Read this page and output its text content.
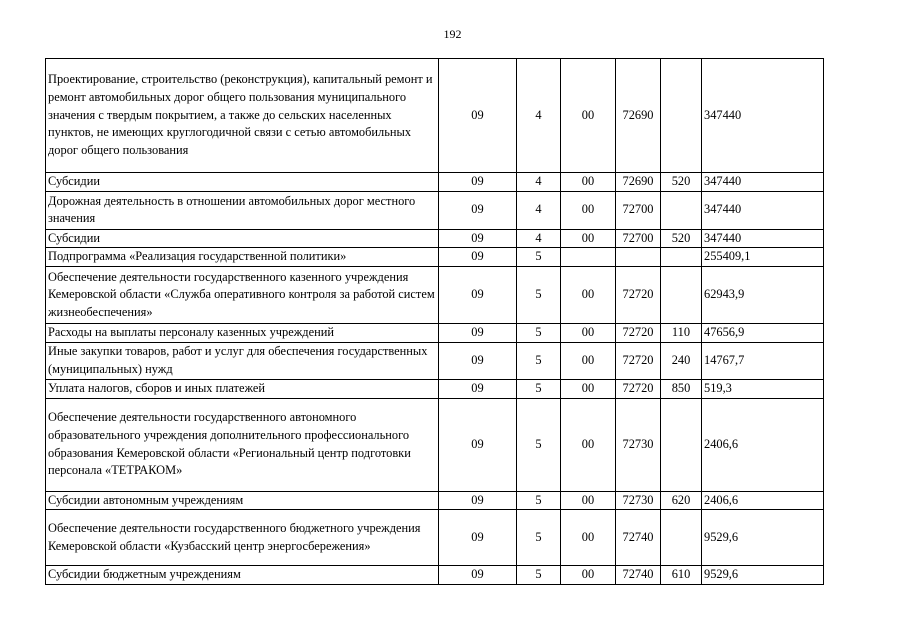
192
Проектирование, строительство (реконструкция), капитальный ремонт и ремонт автомобильных дорог общего пользования муниципального значения с твердым покрытием, а также до сельских населенных пунктов, не имеющих круглогодичной связи с сетью автомобильных дорог общего пользования	09	4	00	72690		347440
Субсидии	09	4	00	72690	520	347440
Дорожная деятельность в отношении автомобильных дорог местного значения	09	4	00	72700		347440
Субсидии	09	4	00	72700	520	347440
Подпрограмма «Реализация государственной политики»	09	5				255409,1
Обеспечение деятельности государственного казенного учреждения Кемеровской области «Служба оперативного контроля за работой систем жизнеобеспечения»	09	5	00	72720		62943,9
Расходы на выплаты персоналу казенных учреждений	09	5	00	72720	110	47656,9
Иные закупки товаров, работ и услуг для обеспечения государственных (муниципальных) нужд	09	5	00	72720	240	14767,7
Уплата налогов, сборов и иных платежей	09	5	00	72720	850	519,3
Обеспечение деятельности государственного автономного образовательного учреждения дополнительного профессионального образования Кемеровской области «Региональный центр подготовки персонала «ТЕТРАКОМ»	09	5	00	72730		2406,6
Субсидии автономным учреждениям	09	5	00	72730	620	2406,6
Обеспечение деятельности государственного бюджетного учреждения Кемеровской области «Кузбасский центр энергосбережения»	09	5	00	72740		9529,6
Субсидии бюджетным учреждениям	09	5	00	72740	610	9529,6
